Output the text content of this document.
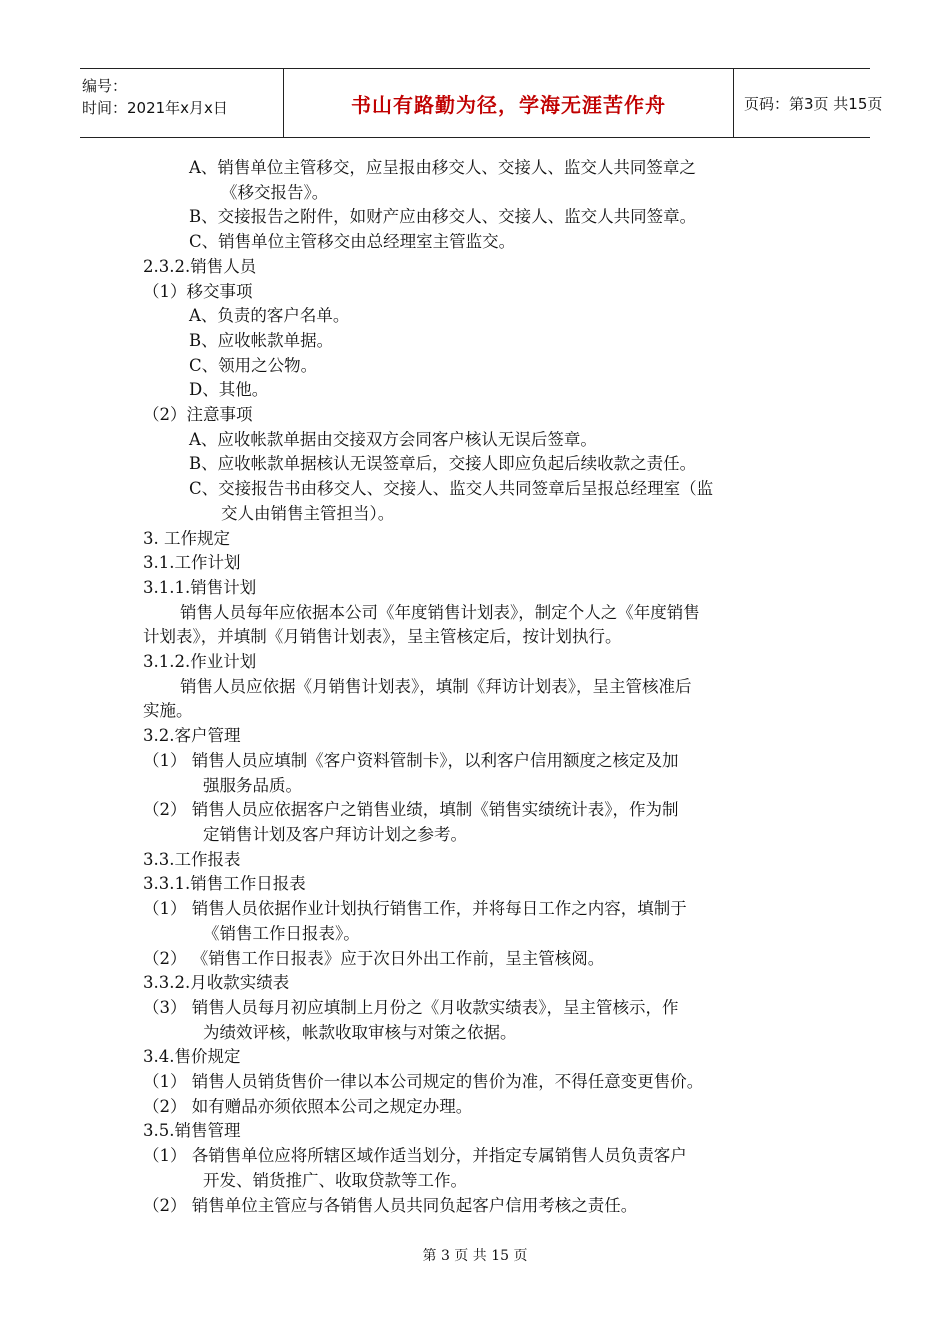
编号：
时间：2021年x月x日	书山有路勤为径，学海无涯苦作舟	页码：第3页 共15页
A、销售单位主管移交，应呈报由移交人、交接人、监交人共同签章之
《移交报告》。
B、交接报告之附件，如财产应由移交人、交接人、监交人共同签章。
C、销售单位主管移交由总经理室主管监交。
2.3.2.销售人员
（1）移交事项
A、负责的客户名单。
B、应收帐款单据。
C、领用之公物。
D、其他。
（2）注意事项
A、应收帐款单据由交接双方会同客户核认无误后签章。
B、应收帐款单据核认无误签章后，交接人即应负起后续收款之责任。
C、交接报告书由移交人、交接人、监交人共同签章后呈报总经理室（监
交人由销售主管担当）。
3. 工作规定
3.1.工作计划
3.1.1.销售计划
销售人员每年应依据本公司《年度销售计划表》，制定个人之《年度销售
计划表》，并填制《月销售计划表》，呈主管核定后，按计划执行。
3.1.2.作业计划
销售人员应依据《月销售计划表》，填制《拜访计划表》，呈主管核准后
实施。
3.2.客户管理
（1） 销售人员应填制《客户资料管制卡》，以利客户信用额度之核定及加
强服务品质。
（2） 销售人员应依据客户之销售业绩，填制《销售实绩统计表》，作为制
定销售计划及客户拜访计划之参考。
3.3.工作报表
3.3.1.销售工作日报表
（1） 销售人员依据作业计划执行销售工作，并将每日工作之内容，填制于
《销售工作日报表》。
（2） 《销售工作日报表》应于次日外出工作前，呈主管核阅。
3.3.2.月收款实绩表
（3） 销售人员每月初应填制上月份之《月收款实绩表》，呈主管核示，作
为绩效评核，帐款收取审核与对策之依据。
3.4.售价规定
（1） 销售人员销货售价一律以本公司规定的售价为准，不得任意变更售价。
（2） 如有赠品亦须依照本公司之规定办理。
3.5.销售管理
（1） 各销售单位应将所辖区域作适当划分，并指定专属销售人员负责客户
开发、销货推广、收取贷款等工作。
（2） 销售单位主管应与各销售人员共同负起客户信用考核之责任。
第 3 页 共 15 页
